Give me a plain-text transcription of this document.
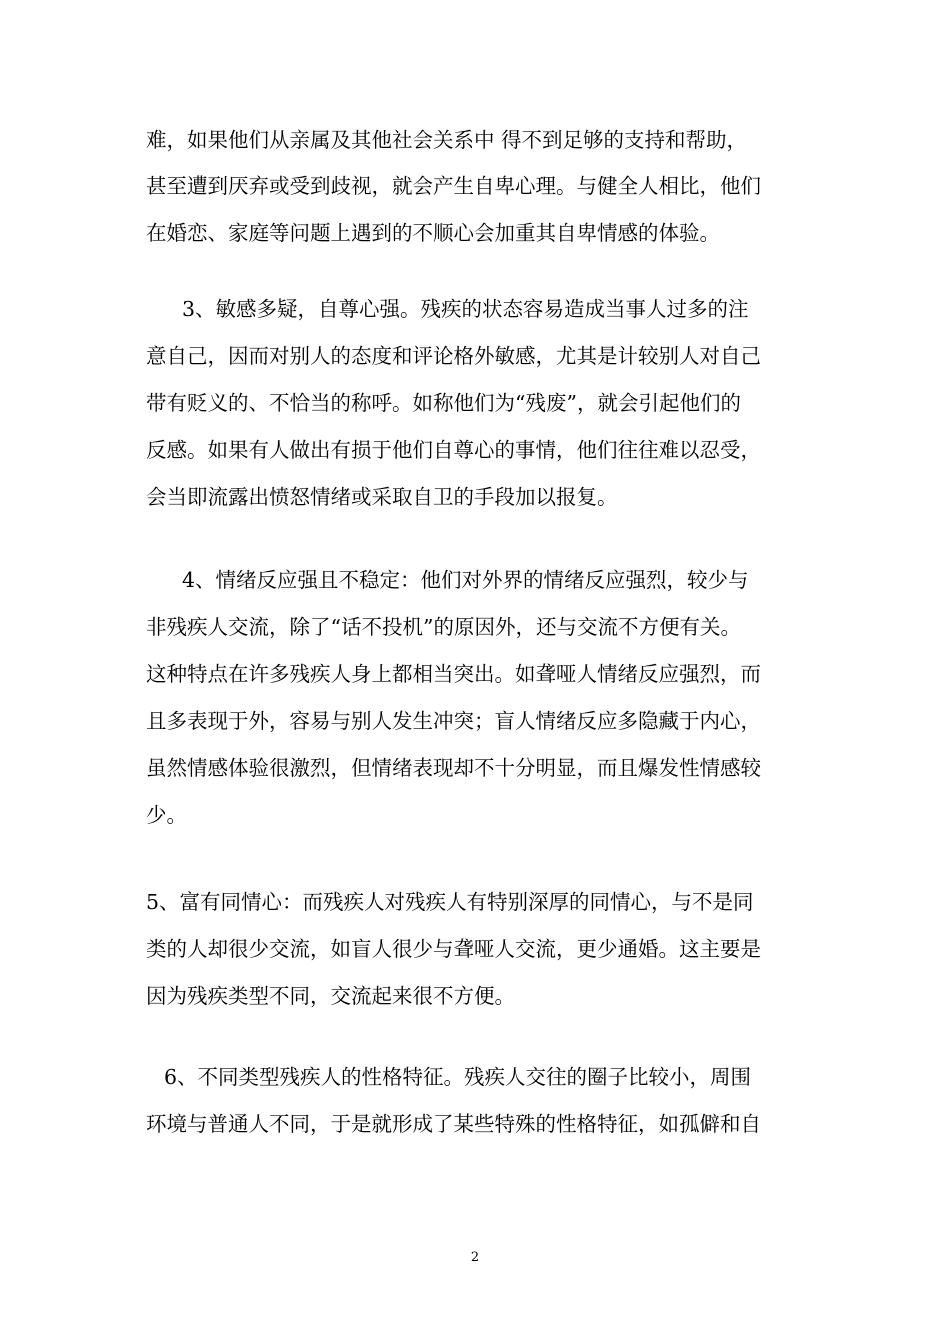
难，如果他们从亲属及其他社会关系中 得不到足够的支持和帮助，
甚至遭到厌弃或受到歧视，就会产生自卑心理。与健全人相比，他们
在婚恋、家庭等问题上遇到的不顺心会加重其自卑情感的体验。
3、敏感多疑，自尊心强。残疾的状态容易造成当事人过多的注
意自己，因而对别人的态度和评论格外敏感，尤其是计较别人对自己
带有贬义的、不恰当的称呼。如称他们为“残废”，就会引起他们的
反感。如果有人做出有损于他们自尊心的事情，他们往往难以忍受，
会当即流露出愤怒情绪或采取自卫的手段加以报复。
4、情绪反应强且不稳定：他们对外界的情绪反应强烈，较少与
非残疾人交流，除了“话不投机”的原因外，还与交流不方便有关。
这种特点在许多残疾人身上都相当突出。如聋哑人情绪反应强烈，而
且多表现于外，容易与别人发生冲突；盲人情绪反应多隐藏于内心，
虽然情感体验很激烈，但情绪表现却不十分明显，而且爆发性情感较
少。
5、富有同情心：而残疾人对残疾人有特别深厚的同情心，与不是同
类的人却很少交流，如盲人很少与聋哑人交流，更少通婚。这主要是
因为残疾类型不同，交流起来很不方便。
6、不同类型残疾人的性格特征。残疾人交往的圈子比较小，周围
环境与普通人不同，于是就形成了某些特殊的性格特征，如孤僻和自
2
